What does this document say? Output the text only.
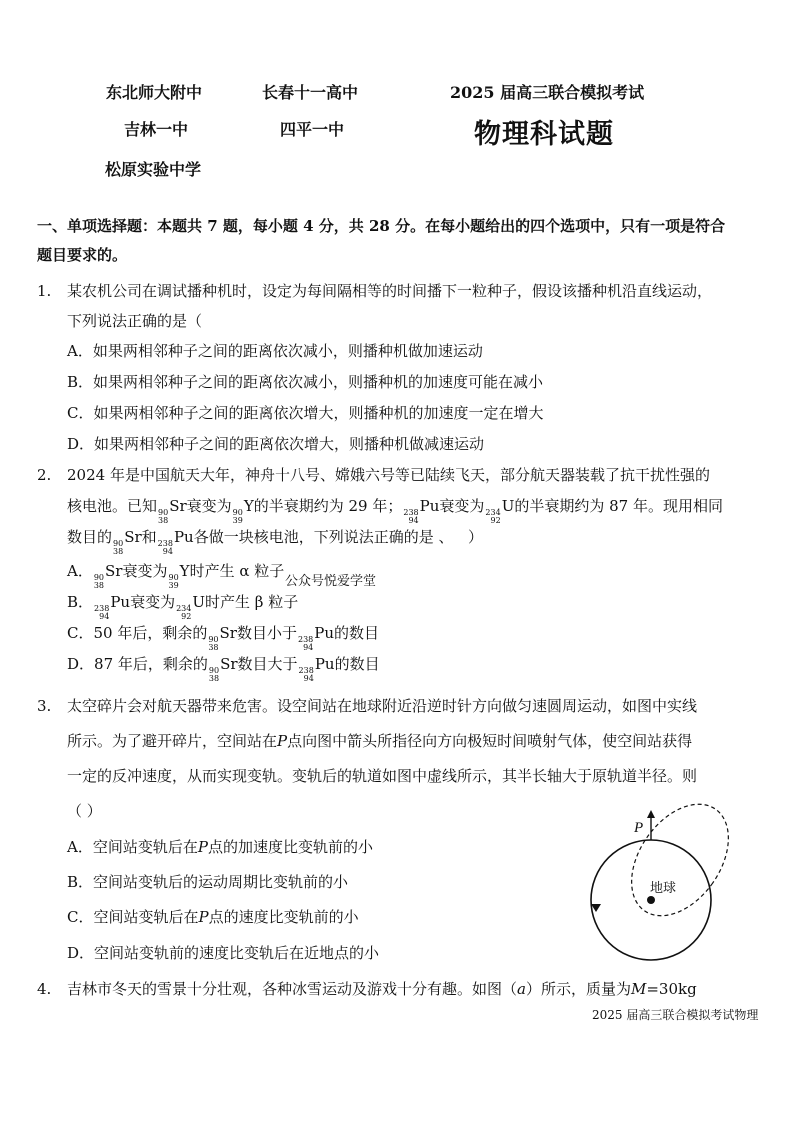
东北师大附中	长春十一高中
吉林一中	四平一中
松原实验中学
2025 届高三联合模拟考试
物理科试题
一、单项选择题：本题共 7 题，每小题 4 分，共 28 分。在每小题给出的四个选项中，只有一项是符合
题目要求的。
1. 某农机公司在调试播种机时，设定为每间隔相等的时间播下一粒种子，假设该播种机沿直线运动，
下列说法正确的是（
A．如果两相邻种子之间的距离依次减小，则播种机做加速运动
B．如果两相邻种子之间的距离依次减小，则播种机的加速度可能在减小
C．如果两相邻种子之间的距离依次增大，则播种机的加速度一定在增大
D．如果两相邻种子之间的距离依次增大，则播种机做减速运动
2. 2024 年是中国航天大年，神舟十八号、嫦娥六号等已陆续飞天，部分航天器装载了抗干扰性强的
核电池。已知 90
38
Sr衰变为 90
39
Y的半衰期约为 29 年； 238
94
Pu衰变为 234
92
U的半衰期约为 87 年。现用相同
数目的 90
38
Sr和 238
94
Pu各做一块核电池，下列说法正确的是 、 ）
A． 90
38
Sr衰变为 90
39
Y时产生 α 粒子
公众号悦爱学堂
B． 238
94
Pu衰变为 234
92
U时产生 β 粒子
C．50 年后，剩余的 90
38
Sr数目小于 238
94
Pu的数目
D．87 年后，剩余的 90
38
Sr数目大于 238
94
Pu的数目
3. 太空碎片会对航天器带来危害。设空间站在地球附近沿逆时针方向做匀速圆周运动，如图中实线
所示。为了避开碎片，空间站在P点向图中箭头所指径向方向极短时间喷射气体，使空间站获得
一定的反冲速度，从而实现变轨。变轨后的轨道如图中虚线所示，其半长轴大于原轨道半径。则
（ ）
A．空间站变轨后在P点的加速度比变轨前的小
B．空间站变轨后的运动周期比变轨前的小
C．空间站变轨后在P点的速度比变轨前的小
D．空间站变轨前的速度比变轨后在近地点的小
P
地球
4. 吉林市冬天的雪景十分壮观，各种冰雪运动及游戏十分有趣。如图（a）所示，质量为M=30kg
2025 届高三联合模拟考试物理
